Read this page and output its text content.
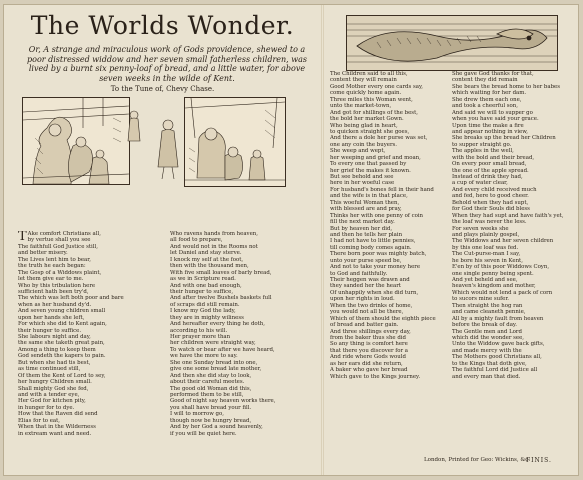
The Worlds Wonder.
Or, A strange and miraculous work of Gods providence, shewed to a poor distressed widdow and her seven small fatherless children, was lived by a burnt six penny-loaf of bread, and a little water, for above seven weeks in the wilde of Kent.
To the Tune of, Chevy Chase.
T Ake comfort Christians all,
by vertue shall you see
The faithfull God Justice still,
and better misery.
The Lives lent him to bear,
the truth he each began:
The Gosp of a Widdows plaint,
let them give ear to me.
Who by this tribulation here
sufficient hath been try'd,
The which was left both poor and bare
when as her husband dy'd.
And seven young children small
upon her hands she left,
For which she did to Kent again,
their hunger to suffice.
She labours night and day,
the same she taketh great pain,
Among a thing to keep them
God sendeth the kapers to pain.
But when she had tis best,
as time continued still,
Of them the Kent of Lord to sey,
her hungry Children small.
Shall mighty God she fed,
and with a tender eye,
Her God for kitchen pity,
in hunger for to dye.
How that the Raven did send
Elias for to eat,
When that in the Wilderness
in extream want and need.
Who ravens hands from heaven,
all food to prepare,
And would not in the Rooms not
let Daniel and stay sterve.
I knock my self at the foot,
then with the thousand men,
With five small loaves of barly bread,
as we in Scripture read.
And with one bad enough,
their hunger to suffice,
And after twelve Bushels baskets full
of scraps did still remain.
I know my God the lady,
they are in mighty wiliness
And hereafter every thing he doth,
according to his will.
Her prayer more than
her children were straight way,
To watch or bear after we have heard,
we have the more to say.
She one Sunday bread into one,
give one some bread late mother,
And then she did stay to look,
about their careful meetes.
The good old Woman did this,
performed them to be still,
Good of night say heaven works there,
you shall have bread your fill.
I will to morrow go,
though now be hungry bread,
And by her God a sound heavenly,
if you will be quiet here.
The Children said to all this,
content they will remain
Good Mother every one cards say,
come quickly home again.
Three miles this Woman went,
unto the market-town,
And got for shillings of the best,
the bold her market Gown.
Who being glad in heart,
to quicken straight she goes,
And there a dole her purse was set,
one any coin the buyers.
She weep and wept,
her weeping and grief and moan,
To every one that passed by
her grief the makes it known.
But see behold and see
here in her woeful case
For husband's bones fell in their hand
and the wife is in that place,
This woeful Woman then,
with blessed are and pray,
Thinks her with one penny of coin
fill the next market day.
But by heaven her did,
and then he tells her plain
I had not have to little pennies,
till coming body comes again.
There born poor was mighty batch,
unto your purse speed be,
And not to take your money here
to God and faithfully.
Their heggen was drawn and
they sanded her the heart
Of unhappily when she did turn,
upon her rights in loud.
When the two drinks of home,
you would not all be there,
Which of them should the eighth piece
of bread and batter gain.
And three shillings every day,
from the baker thus she did
So any thing is comfort here
that there you discover for a
And ride where Gods would
as her ears did she return,
A baker who gave her bread
Which gave to the Kings journey.
She gave God thanks for that,
content they did remain
She bears the bread home to her babes
which waiting for her dam.
She drew them each one,
and took a cheerful son,
And said we will to supper go
when you have said your grace.
Upon time the make a fire
and appear nothing in view,
She breaks up the bread her Children
to supper straight go.
The apples in the well,
with the bold and their bread,
On every poor small bread,
the one of the apple spread.
Instead of drink they had,
a cup of water clear,
And every child received much
and fed, here to good cheer.
Behold when they had supt,
for God their Souls did bless
When they had supt and have faith's yet,
the loaf was never the less.
For seven weeks she
and plays plainly gospel,
The Widdows and her seven children
by this one loaf was fed.
The Cut-purse-man I say,
he bore his seven in Kent,
E'en by of this poor Widdows Coyn,
one single penny being spent.
And yet beheld and see,
heaven's kingdom and mother,
Which would not lend a pack of corn
to sucors mine sufer.
Then straight the hog ran
and came cleaneth pennie,
All by a mighty fault from heaven
before the break of day.
The Gentle men and Lord
which did the wonder see,
Unto the Widdow gave back gifts,
and made mercy with the
The Mothers good Christians all,
to the Kings that doth give,
The faithful Lord did Justice all
and every man that died.
London, Printed for Geo: Wickins, &c.
FINIS.
